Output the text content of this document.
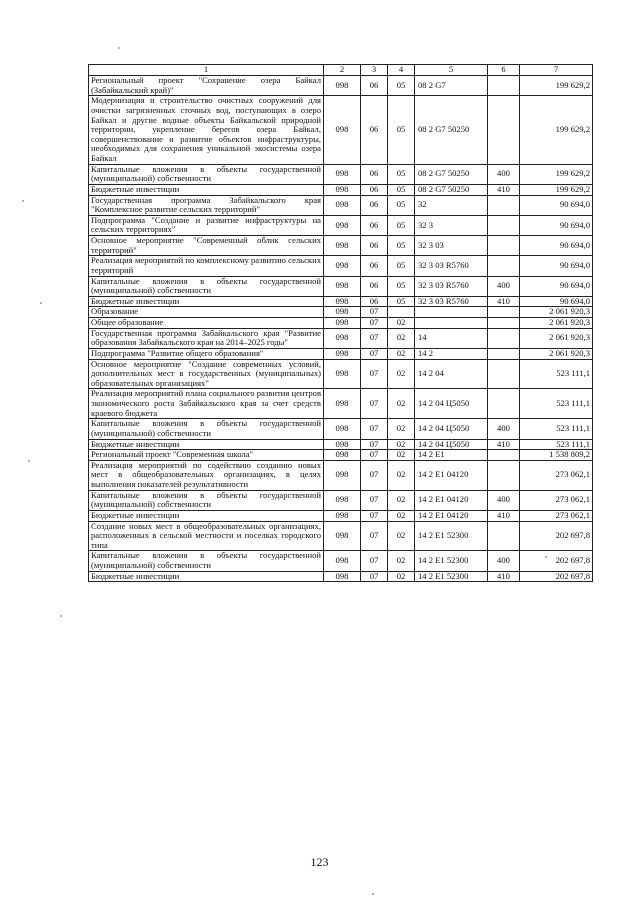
1	2	3	4	5	6	7
Региональный проект "Сохранение озера Байкал (Забайкальский край)"	098	06	05	08 2 G7		199 629,2
Модернизация и строительство очистных сооружений для очистки загрязненных сточных вод, поступающих в озеро Байкал и другие водные объекты Байкальской природной территории, укрепление берегов озера Байкал, совершенствование и развитие объектов инфраструктуры, необходимых для сохранения уникальной экосистемы озера Байкал	098	06	05	08 2 G7 50250		199 629,2
Капитальные вложения в объекты государственной (муниципальной) собственности	098	06	05	08 2 G7 50250	400	199 629,2
Бюджетные инвестиции	098	06	05	08 2 G7 50250	410	199 629,2
Государственная программа Забайкальского края "Комплексное развитие сельских территорий"	098	06	05	32		90 694,0
Подпрограмма "Создание и развитие инфраструктуры на сельских территориях"	098	06	05	32 3		90 694,0
Основное мероприятие "Современный облик сельских территорий"	098	06	05	32 3 03		90 694,0
Реализация мероприятий по комплексному развитию сельских территорий	098	06	05	32 3 03 R5760		90 694,0
Капитальные вложения в объекты государственной (муниципальной) собственности	098	06	05	32 3 03 R5760	400	90 694,0
Бюджетные инвестиции	098	06	05	32 3 03 R5760	410	90 694,0
Образование	098	07				2 061 920,3
Общее образование	098	07	02			2 061 920,3
Государственная программа Забайкальского края "Развитие образования Забайкальского края на 2014–2025 годы"	098	07	02	14		2 061 920,3
Подпрограмма "Развитие общего образования"	098	07	02	14 2		2 061 920,3
Основное мероприятие "Создание современных условий, дополнительных мест в государственных (муниципальных) образовательных организациях"	098	07	02	14 2 04		523 111,1
Реализация мероприятий плана социального развития центров экономического роста Забайкальского края за счет средств краевого бюджета	098	07	02	14 2 04 Ц5050		523 111,1
Капитальные вложения в объекты государственной (муниципальной) собственности	098	07	02	14 2 04 Ц5050	400	523 111,1
Бюджетные инвестиции	098	07	02	14 2 04 Ц5050	410	523 111,1
Региональный проект "Современная школа"	098	07	02	14 2 E1		1 538 809,2
Реализация мероприятий по содействию созданию новых мест в общеобразовательных организациях, в целях выполнения показателей результативности	098	07	02	14 2 E1 04120		273 062,1
Капитальные вложения в объекты государственной (муниципальной) собственности	098	07	02	14 2 E1 04120	400	273 062,1
Бюджетные инвестиции	098	07	02	14 2 E1 04120	410	273 062,1
Создание новых мест в общеобразовательных организациях, расположенных в сельской местности и поселках городского типа	098	07	02	14 2 E1 52300		202 697,8
Капитальные вложения в объекты государственной (муниципальной) собственности	098	07	02	14 2 E1 52300	400	202 697,8
Бюджетные инвестиции	098	07	02	14 2 E1 52300	410	202 697,8
123
